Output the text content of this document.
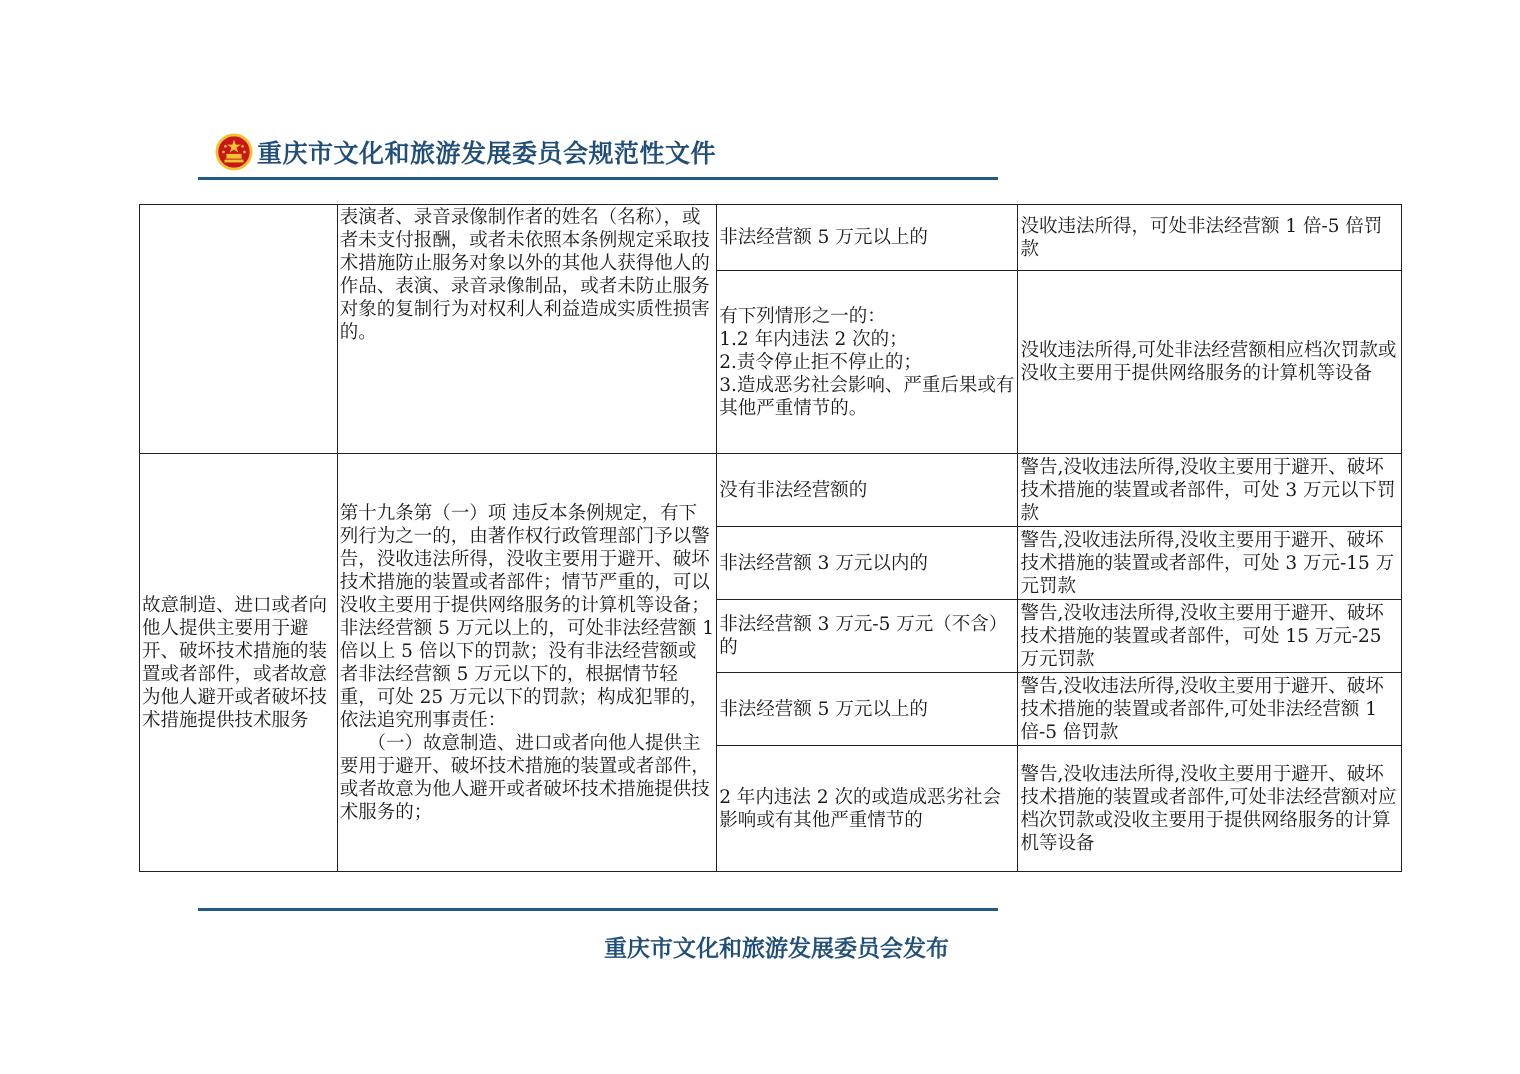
重庆市文化和旅游发展委员会规范性文件
	表演者、录音录像制作者的姓名（名称），或者未支付报酬，或者未依照本条例规定采取技术措施防止服务对象以外的其他人获得他人的作品、表演、录音录像制品，或者未防止服务对象的复制行为对权利人利益造成实质性损害的。	非法经营额 5 万元以上的	没收违法所得，可处非法经营额 1 倍-5 倍罚款
		有下列情形之一的：
1.2 年内违法 2 次的；
2.责令停止拒不停止的；
3.造成恶劣社会影响、严重后果或有其他严重情节的。	没收违法所得,可处非法经营额相应档次罚款或没收主要用于提供网络服务的计算机等设备
故意制造、进口或者向他人提供主要用于避开、破坏技术措施的装置或者部件，或者故意为他人避开或者破坏技术措施提供技术服务	第十九条第（一）项 违反本条例规定，有下列行为之一的，由著作权行政管理部门予以警告，没收违法所得，没收主要用于避开、破坏技术措施的装置或者部件；情节严重的，可以没收主要用于提供网络服务的计算机等设备；非法经营额 5 万元以上的，可处非法经营额 1 倍以上 5 倍以下的罚款；没有非法经营额或者非法经营额 5 万元以下的，根据情节轻重，可处 25 万元以下的罚款；构成犯罪的，依法追究刑事责任：
　　（一）故意制造、进口或者向他人提供主要用于避开、破坏技术措施的装置或者部件，或者故意为他人避开或者破坏技术措施提供技术服务的；	没有非法经营额的	警告,没收违法所得,没收主要用于避开、破坏技术措施的装置或者部件，可处 3 万元以下罚款
		非法经营额 3 万元以内的	警告,没收违法所得,没收主要用于避开、破坏技术措施的装置或者部件，可处 3 万元-15 万元罚款
		非法经营额 3 万元-5 万元（不含）的	警告,没收违法所得,没收主要用于避开、破坏技术措施的装置或者部件，可处 15 万元-25 万元罚款
		非法经营额 5 万元以上的	警告,没收违法所得,没收主要用于避开、破坏技术措施的装置或者部件,可处非法经营额 1 倍-5 倍罚款
		2 年内违法 2 次的或造成恶劣社会影响或有其他严重情节的	警告,没收违法所得,没收主要用于避开、破坏技术措施的装置或者部件,可处非法经营额对应档次罚款或没收主要用于提供网络服务的计算机等设备
重庆市文化和旅游发展委员会发布
